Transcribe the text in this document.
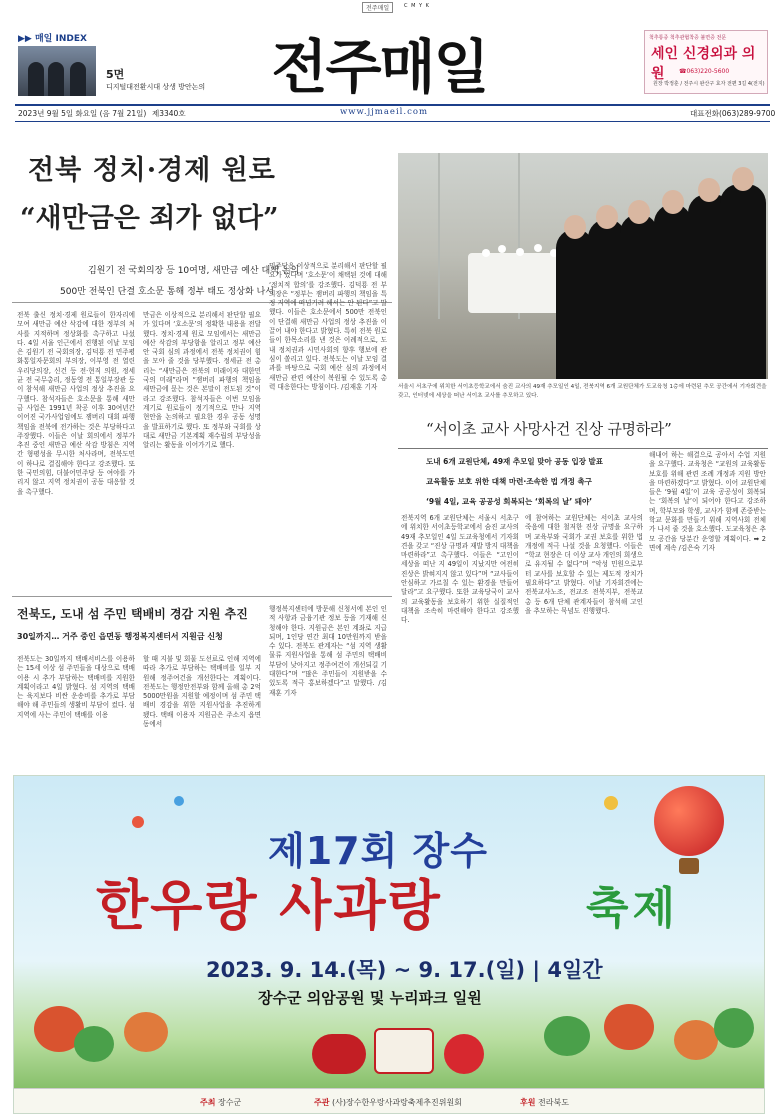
전주매일	C M Y K
▶▶ 매일 INDEX
5면
디지털대전환시대 상생 방안논의 전주매일	척추통증 척추관협착증 불면증 전문
세인 신경외과 의원	☎063)220-5600
원장 박정훈 / 전주시 완산구 효자 전편 3길 4(전지)
2023년 9월 5일 화요일 (음 7월 21일) 제3340호	www.jjmaeil.com	대표전화(063)289-9700
전북 정치·경제 원로
“새만금은 죄가 없다”
김원기 전 국회의장 등 10여명, 새만금 예산 대책 논의
500만 전북인 단결 호소문 통해 정부 태도 정상화 나서
전북 출신 정치·경제 원로들이 한자리에 모여 새만금 예산 삭감에 대한 정부의 처사를 지적하며 정상화를 촉구하고 나섰다. 4일 서울 인근에서 진행된 이날 모임은 김원기 전 국회의장, 김덕룡 전 민주평화통일자문회의 부의장, 이부영 전 열린우리당의장, 신건 등 전·현직 의원, 정세균 전 국무총리, 정동영 전 통일부장관 등이 참석해 새만금 사업의 정상 추진을 요구했다. 참석자들은 호소문을 통해 새만금 사업은 1991년 착공 이후 30여년간 이어진 국가사업임에도 잼버리 대회 파행 책임을 전북에 전가하는 것은 부당하다고 주장했다. 이들은 이날 회의에서 정부가 추진 중인 새만금 예산 삭감 방침은 지역 간 형평성을 무시한 처사라며, 전북도민이 하나로 결집해야 한다고 강조했다. 또한 국민의힘, 더불어민주당 등 여야를 가리지 않고 지역 정치권이 공동 대응할 것을 촉구했다.
만금은 이상적으로 분리해서 판단할 필요가 있다며 ‘호소문’의 정확한 내용을 전달했다. 정치·경제 원로 모임에서는 새만금 예산 삭감의 부당함을 알리고 정부 예산안 국회 심의 과정에서 전북 정치권이 힘을 모아 줄 것을 당부했다. 정세균 전 총리는 “새만금은 전북의 미래이자 대한민국의 미래”라며 “잼버리 파행의 책임을 새만금에 묻는 것은 본말이 전도된 것”이라고 강조했다. 참석자들은 이번 모임을 계기로 원로들이 정기적으로 만나 지역 현안을 논의하고 필요한 경우 공동 성명을 발표하기로 했다. 또 정부와 국회를 상대로 새만금 기본계획 재수립의 부당성을 알리는 활동을 이어가기로 했다.
민주당은 이상적으로 분리해서 판단할 필요가 있다며 ‘호소문’이 채택된 것에 대해 ‘정치적 합의’를 강조했다. 김덕룡 전 부의장은 “정부는 잼버리 파행의 책임을 특정 지역에 떠넘기려 해서는 안 된다”고 말했다. 이들은 호소문에서 500만 전북인이 단결해 새만금 사업의 정상 추진을 이끌어 내야 한다고 밝혔다. 특히 전북 원로들이 한목소리를 낸 것은 이례적으로, 도내 정치권과 시민사회의 향후 행보에 관심이 쏠리고 있다. 전북도는 이날 모임 결과를 바탕으로 국회 예산 심의 과정에서 새만금 관련 예산이 복원될 수 있도록 총력 대응한다는 방침이다. /김재훈 기자	서울시 서초구에 위치한 서이초등학교에서 숨진 교사의 49재 추모일인 4일, 전북지역 6개 교원단체가 도교육청 1층에 마련된 추모 공간에서 기자회견을 갖고, 인터넷에 세상을 떠난 서이초 교사를 추모하고 있다.
“서이초 교사 사망사건 진상 규명하라”
도내 6개 교원단체, 49재 추모일 맞아 공동 입장 발표
교육활동 보호 위한 대책 마련·조속한 법 개정 촉구
‘9월 4일, 교육 공공성 회복되는 ‘회복의 날’ 돼야’
전북지역 6개 교원단체는 서울시 서초구에 위치한 서이초등학교에서 숨진 교사의 49재 추모일인 4일 도교육청에서 기자회견을 갖고 “진상 규명과 재발 방지 대책을 마련하라”고 촉구했다. 이들은 “고인이 세상을 떠난 지 49일이 지났지만 여전히 진상은 밝혀지지 않고 있다”며 “교사들이 안심하고 가르칠 수 있는 환경을 만들어 달라”고 요구했다. 또한 교육당국이 교사의 교육활동을 보호하기 위한 실질적인 대책을 조속히 마련해야 한다고 강조했다.
에 참여하는 교원단체는 서이초 교사의 죽음에 대한 철저한 진상 규명을 요구하며 교육부와 국회가 교권 보호를 위한 법 개정에 적극 나설 것을 요청했다. 이들은 “학교 현장은 더 이상 교사 개인의 희생으로 유지될 수 없다”며 “악성 민원으로부터 교사를 보호할 수 있는 제도적 장치가 필요하다”고 밝혔다. 이날 기자회견에는 전북교사노조, 전교조 전북지부, 전북교총 등 6개 단체 관계자들이 참석해 고인을 추모하는 묵념도 진행했다.
해내어 하는 해결으로 공아서 수업 지원을 요구했다. 교육청은 “교원의 교육활동 보호를 위해 관련 조례 개정과 지원 방안을 마련하겠다”고 밝혔다. 이어 교원단체들은 ‘9월 4일’이 교육 공공성이 회복되는 ‘회복의 날’이 되어야 한다고 강조하며, 학부모와 학생, 교사가 함께 존중받는 학교 문화를 만들기 위해 지역사회 전체가 나서 줄 것을 호소했다. 도교육청은 추모 공간을 당분간 운영할 계획이다. ➡ 2면에 계속 /김은숙 기자
전북도, 도내 섬 주민 택배비 경감 지원 추진
30일까지… 거주 중인 읍면동 행정복지센터서 지원금 신청
전북도는 30일까지 택배서비스를 이용하는 15세 이상 섬 주민들을 대상으로 택배 이용 시 추가 부담하는 택배비를 지원한 계획이라고 4일 밝혔다. 섬 지역의 택배는 육지보다 비싼 운송비를 추가로 부담해야 해 주민들의 생활비 부담이 컸다. 섬 지역에 사는 주민이 택배를 이용
할 때 지불 및 회물 도선료로 인해 지역에 따라 추가로 부담하는 택배비를 일부 지원해 정주여건을 개선한다는 계획이다. 전북도는 행정안전부와 함께 올해 총 2억5000만원을 지원할 예정이며 섬 주민 택배비 경감을 위한 지원사업을 추진하게 됐다. 택배 이용자 지원금은 주소지 읍면동에서
행정복지센터에 방문해 신청서에 본인 인적 사항과 금융기관 정보 등을 기재해 신청해야 한다. 지원금은 본인 계좌로 지급되며, 1인당 연간 최대 10만원까지 받을 수 있다. 전북도 관계자는 “섬 지역 생활물류 지원사업을 통해 섬 주민의 택배비 부담이 낮아지고 정주여건이 개선되길 기대한다”며 “많은 주민들이 지원받을 수 있도록 적극 홍보하겠다”고 말했다. /김재훈 기자
제17회 장수
한우랑 사과랑	축제
2023. 9. 14.(목) ~ 9. 17.(일) | 4일간
장수군 의암공원 및 누리파크 일원
주최 장수군	주관 (사)장수한우랑사과랑축제추진위원회	후원 전라북도
